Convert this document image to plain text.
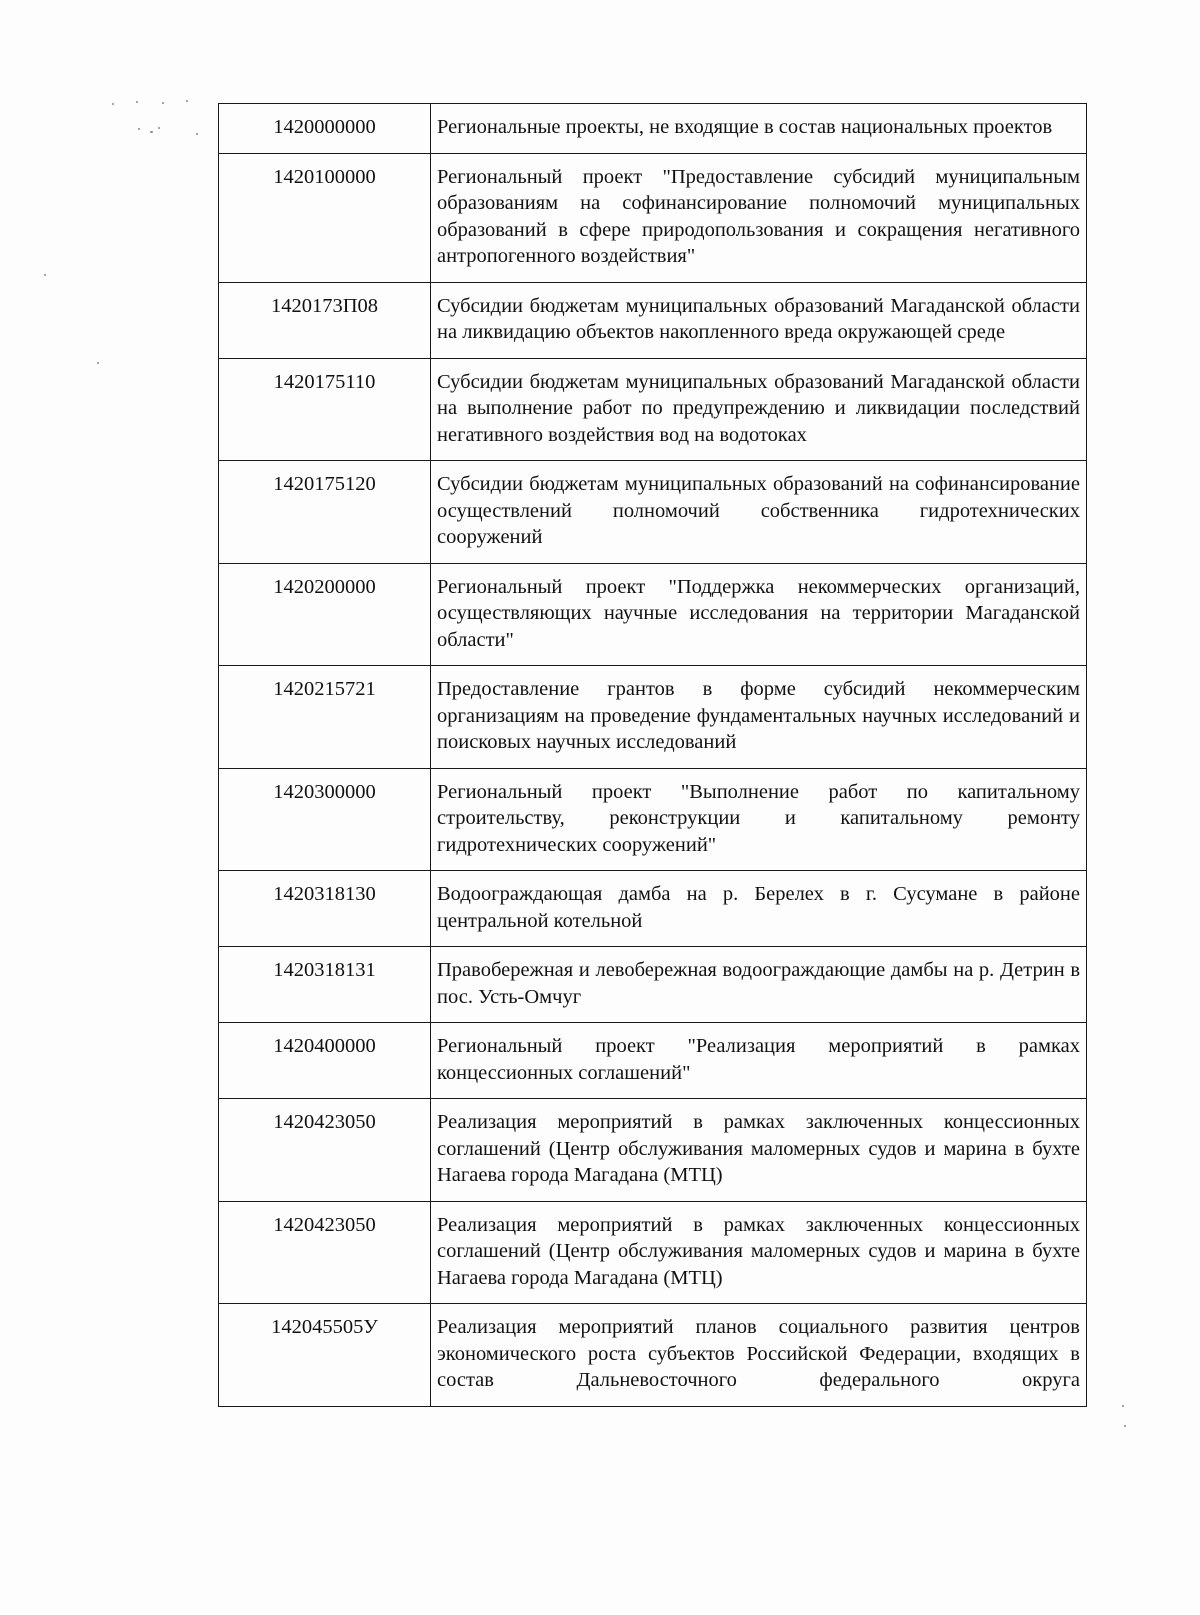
1420000000	Региональные проекты, не входящие в состав национальных проектов
1420100000	Региональный проект "Предоставление субсидий муниципальным образованиям на софинансирование полномочий муниципальных образований в сфере природопользования и сокращения негативного антропогенного воздействия"
1420173П08	Субсидии бюджетам муниципальных образований Магаданской области на ликвидацию объектов накопленного вреда окружающей среде
1420175110	Субсидии бюджетам муниципальных образований Магаданской области на выполнение работ по предупреждению и ликвидации последствий негативного воздействия вод на водотоках
1420175120	Субсидии бюджетам муниципальных образований на софинансирование осуществлений полномочий собственника гидротехнических сооружений
1420200000	Региональный проект "Поддержка некоммерческих организаций, осуществляющих научные исследования на территории Магаданской области"
1420215721	Предоставление грантов в форме субсидий некоммерческим организациям на проведение фундаментальных научных исследований и поисковых научных исследований
1420300000	Региональный проект "Выполнение работ по капитальному строительству, реконструкции и капитальному ремонту гидротехнических сооружений"
1420318130	Водоограждающая дамба на р. Берелех в г. Сусумане в районе центральной котельной
1420318131	Правобережная и левобережная водоограждающие дамбы на р. Детрин в пос. Усть-Омчуг
1420400000	Региональный проект "Реализация мероприятий в рамках концессионных соглашений"
1420423050	Реализация мероприятий в рамках заключенных концессионных соглашений (Центр обслуживания маломерных судов и марина в бухте Нагаева города Магадана (МТЦ)
1420423050	Реализация мероприятий в рамках заключенных концессионных соглашений (Центр обслуживания маломерных судов и марина в бухте Нагаева города Магадана (МТЦ)
142045505У	Реализация мероприятий планов социального развития центров экономического роста субъектов Российской Федерации, входящих в состав Дальневосточного федерального округа
